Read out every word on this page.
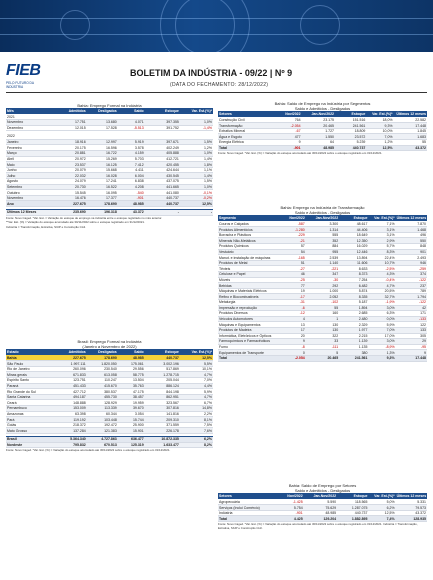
FIEB
PELO FUTURO DA INDÚSTRIA
BOLETIM DA INDÚSTRIA - 09/22 | Nº 9
(DATA DO FECHAMENTO: 28/12/2022)
Bahia: Emprego Formal na Indústria
Mês	Admitidos	Desligados	Saldo	Estoque	Var. Est.(%)*
2021					
Novembro	17.751	13.680	4.071	397.355	1,0%
Dezembro	12.015	17.528	-5.513	391.752	-1,4%

2022					
Janeiro	18.916	12.997	5.919	397.671	1,5%
Fevereiro	20.175	16.596	3.578	402.249	1,2%
Março	20.881	16.722	4.159	405.888	1,0%
Abril	20.972	15.269	5.703	412.721	1,4%
Maio	23.537	16.125	7.412	420.455	1,8%
Junho	20.079	15.668	4.411	424.644	1,1%
Julho	22.032	16.028	6.004	430.545	1,4%
Agosto	24.079	17.241	6.838	437.075	1,5%
Setembro	20.730	16.522	4.208	441.665	1,0%
Outubro	15.545	16.095	-540	441.080	-0,1%
Novembro	16.476	17.377	-901	440.737	-0,2%
Ano	227.675	178.690	48.985	440.737	12,5%

Últimos 12 Meses	235.690	196.318	43.372	-	-
Fonte: Novo Caged. *Var. Est. = Variação do estoque de emprego na indústria entre o estoque registrado no mês anterior.
**Var. Est. (%) = Variação do estoque acumulado até 30/11/2022 sobre o estoque registrado em 31/12/2021.
Indústria = Transformação, Extrativa, SIUP e Construção Civil.
Brasil: Emprego Formal na Indústria
(Janeiro a Novembro de 2022)
Estado	Admitidos	Desligados	Saldo	Estoque	Var. Est.(%)*
Bahia	227.675	178.690	48.985	440.737	12,5%
São Paulo	1.997.111	1.820.050	175.061	3.002.196	5,5%
Rio de Janeiro	260.096	230.540	29.556	517.869	10,1%
Minas gerais	671.833	613.058	58.775	1.278.715	4,7%
Espírito Santo	123.751	110.247	13.504	205.044	7,0%
Paraná	451.433	415.670	35.763	886.124	4,4%
Rio Grande do Sul	427.712	380.537	47.175	844.198	5,9%
Santa Catarina	494.187	455.730	38.457	862.951	4,7%
Ceará	148.888	128.929	19.959	323.567	6,7%
Pernambuco	153.009	113.339	39.670	307.816	14,8%
Amazonas	63.398	60.344	3.054	141.816	2,2%
Pará	119.192	103.448	15.744	209.310	8,1%
Goiás	218.372	192.472	25.900	371.559	7,5%
Mato Grosso	137.284	121.383	15.901	226.178	7,6%

Brasil	5.364.340	4.727.863	636.477	10.872.335	6,2%
Nordeste	795.832	670.513	125.319	1.633.477	8,2%
Fonte: Novo Caged. *Var. Est. (%) = Variação do estoque acumulado até 30/11/2022 sobre o estoque registrado em 31/12/2021.
Bahia: Saldo de Emprego na Indústria por Segmentos
Saldo e Admitidos - Desligados
Setores	Nov/2022	Jan-Nov/2022	Estoque	Var. Est.(%)*	Últimos 12 meses
Construção Civil	764	23.175	151.516	18,0%	22.582
Transformação	-2.054	20.465	241.561	9,3%	17.448
Extrativa Mineral	-67	1.727	18.809	10,0%	1.845
Água e Esgoto	477	1.550	23.572	7,0%	1.683
Energia Elétrica	9	64	5.239	1,2%	55
Total	-901	48.985	440.737	12,5%	43.372
Fonte: Novo Caged. *Var. Est. (%) = Variação do estoque acumulado até 30/11/2022 sobre o estoque registrado em 31/12/2021.
Bahia: Emprego na Indústria de Transformação
Saldo e Admitidos - Desligados
Segmento	Nov/2022	Jan-Nov/2022	Estoque	Var. Est.(%)*	Últimos 12 meses
Couros e Calçados	-587	3.300	48.617	7,1%	7.870
Produtos Alimentícios	-1.280	1.314	44.406	3,1%	1.468
Borracha e Plásticos	-229	555	18.649	3,1%	496
Minerais Não-Metálicos	-21	352	12.350	2,9%	550
Produtos Químicos	57	884	16.029	5,7%	848
Vestuário	54	955	12.446	8,3%	901
Manut. e instalação de máquinas	-165	2.539	13.894	22,4%	2.493
Produtos de Metal	51	1.140	11.606	10,7%	946
Têxteis	-27	-221	8.633	-2,5%	-259
Celulose e Papel	46	347	8.373	4,3%	374
Móveis	-25	-30	7.254	-0,4%	-122
Bebidas	77	292	6.482	4,7%	237
Máquinas e Materiais Elétricos	19	1.000	5.874	20,5%	789
Refino e Biocombustíveis	-17	2.052	8.335	32,7%	1.794
Metalurgia	-31	-102	5.187	-1,9%	-122
Impressão e reprodução	-6	55	1.894	3,0%	42
Produtos Diversos	-12	160	2.685	6,3%	171
Veículos Automotores	4	1	2.480	0,0%	-133
Máquinas e Equipamentos	13	130	2.329	5,9%	122
Produtos de Madeira	17	130	1.977	7,0%	133
Informática, Eletrônicos e Ópticos	20	322	2.215	17,0%	305
Farmoquímicos e Farmacêuticos	9	33	1.139	3,0%	29
Fumo	-8	-111	1.135	-8,9%	-95
Equipamentos de Transporte	0	5	380	1,3%	9
Total	-2.054	20.465	241.561	9,3%	17.448
Bahia: Saldo de Emprego por Setores
Saldo e Admitidos - Desligados
Setores	Nov/2022	Jan-Nov/2022	Estoque	Var. Est.(%)*	Últimos 12 meses
Agropecuária	-1.425	5.590	118.565	5,0%	5.331
Serviços (Inclui Comércio)	5.754	75.629	1.287.075	6,2%	79.573
Indústria	-901	48.985	440.737	12,5%	43.372
Total	4.425	129.204	1.882.895	7,4%	128.935
Fonte: Novo Caged. *Var. Est. (%) = Variação do estoque acumulado até 30/11/2022 sobre o estoque registrado em 31/12/2021. Indústria = Transformação, Extrativa, SIUP e Construção Civil.
